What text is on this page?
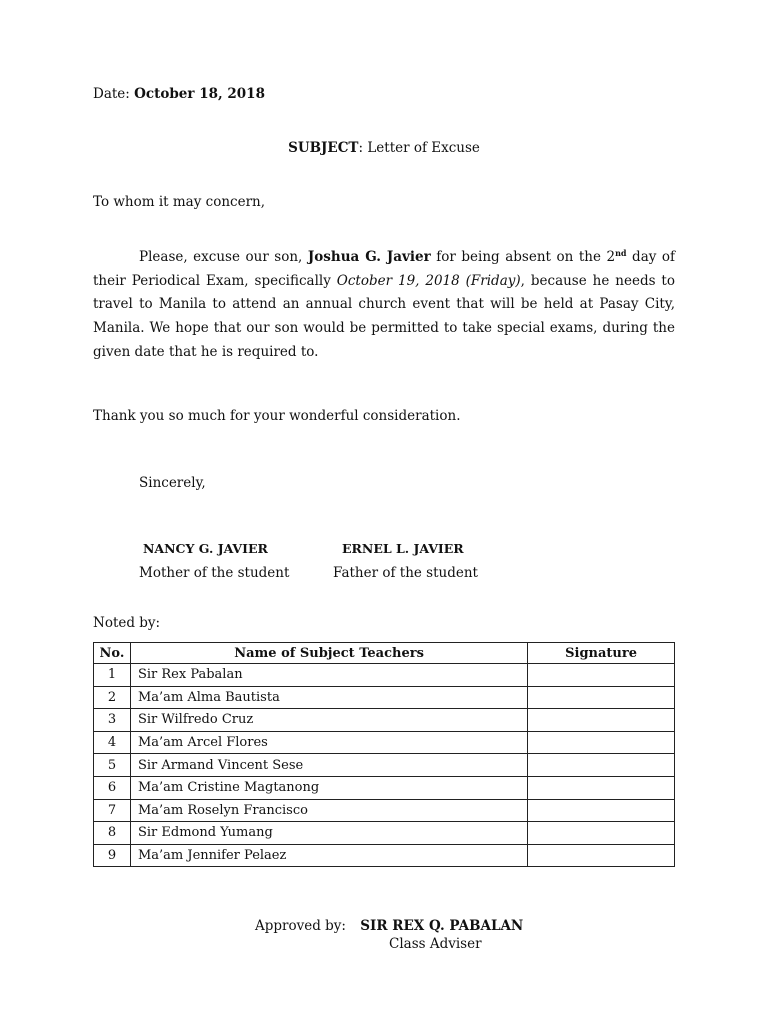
Date: October 18, 2018
SUBJECT: Letter of Excuse
To whom it may concern,
Please, excuse our son, Joshua G. Javier for being absent on the 2nd day of their Periodical Exam, specifically October 19, 2018 (Friday), because he needs to travel to Manila to attend an annual church event that will be held at Pasay City, Manila. We hope that our son would be permitted to take special exams, during the given date that he is required to.
Thank you so much for your wonderful consideration.
Sincerely,
NANCY G. JAVIER
Mother of the student
ERNEL L. JAVIER
Father of the student
Noted by:
No.	Name of Subject Teachers	Signature
1	Sir Rex Pabalan	
2	Ma’am Alma Bautista	
3	Sir Wilfredo Cruz	
4	Ma’am Arcel Flores	
5	Sir Armand Vincent Sese	
6	Ma’am Cristine Magtanong	
7	Ma’am Roselyn Francisco	
8	Sir Edmond Yumang	
9	Ma’am Jennifer Pelaez	
Approved by: SIR REX Q. PABALAN
Class Adviser
